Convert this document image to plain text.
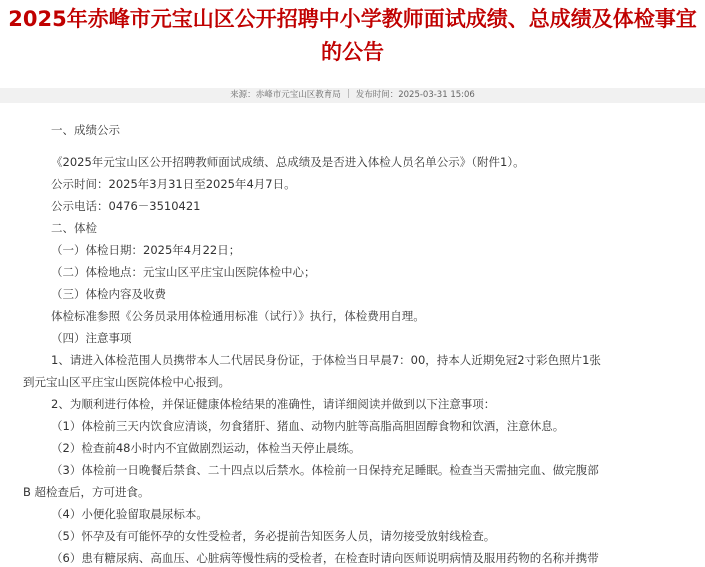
2025年赤峰市元宝山区公开招聘中小学教师面试成绩、总成绩及体检事宜
的公告
来源：赤峰市元宝山区教育局 发布时间：2025-03-31 15:06
一、成绩公示
《2025年元宝山区公开招聘教师面试成绩、总成绩及是否进入体检人员名单公示》（附件1）。
公示时间：2025年3月31日至2025年4月7日。
公示电话：0476－3510421
二、体检
（一）体检日期：2025年4月22日；
（二）体检地点：元宝山区平庄宝山医院体检中心；
（三）体检内容及收费
体检标准参照《公务员录用体检通用标准（试行）》执行，体检费用自理。
（四）注意事项
1、请进入体检范围人员携带本人二代居民身份证，于体检当日早晨7：00，持本人近期免冠2寸彩色照片1张
到元宝山区平庄宝山医院体检中心报到。
2、为顺利进行体检，并保证健康体检结果的准确性，请详细阅读并做到以下注意事项：
（1）体检前三天内饮食应清谈，勿食猪肝、猪血、动物内脏等高脂高胆固醇食物和饮酒，注意休息。
（2）检查前48小时内不宜做剧烈运动，体检当天停止晨练。
（3）体检前一日晚餐后禁食、二十四点以后禁水。体检前一日保持充足睡眠。检查当天需抽完血、做完腹部
B 超检查后，方可进食。
（4）小便化验留取晨尿标本。
（5）怀孕及有可能怀孕的女性受检者，务必提前告知医务人员，请勿接受放射线检查。
（6）患有糖尿病、高血压、心脏病等慢性病的受检者，在检查时请向医师说明病情及服用药物的名称并携带
